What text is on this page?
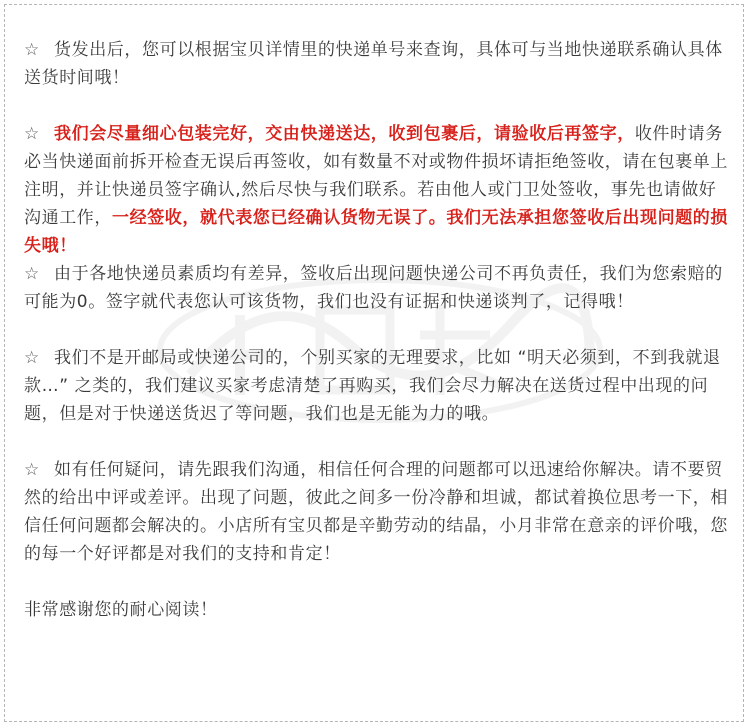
☆ 货发出后，您可以根据宝贝详情里的快递单号来查询，具体可与当地快递联系确认具体送货时间哦！

☆ 我们会尽量细心包装完好，交由快递送达，收到包裹后，请验收后再签字，收件时请务必当快递面前拆开检查无误后再签收，如有数量不对或物件损坏请拒绝签收，请在包裹单上注明，并让快递员签字确认,然后尽快与我们联系。若由他人或门卫处签收，事先也请做好沟通工作，一经签收，就代表您已经确认货物无误了。我们无法承担您签收后出现问题的损失哦！

☆ 由于各地快递员素质均有差异，签收后出现问题快递公司不再负责任，我们为您索赔的可能为0。签字就代表您认可该货物，我们也没有证据和快递谈判了，记得哦！

☆ 我们不是开邮局或快递公司的，个别买家的无理要求，比如 “明天必须到，不到我就退款…” 之类的，我们建议买家考虑清楚了再购买，我们会尽力解决在送货过程中出现的问题，但是对于快递送货迟了等问题，我们也是无能为力的哦。

☆ 如有任何疑问，请先跟我们沟通，相信任何合理的问题都可以迅速给你解决。请不要贸然的给出中评或差评。出现了问题，彼此之间多一份冷静和坦诚，都试着换位思考一下，相信任何问题都会解决的。小店所有宝贝都是辛勤劳动的结晶，小月非常在意亲的评价哦，您的每一个好评都是对我们的支持和肯定！

非常感谢您的耐心阅读！
